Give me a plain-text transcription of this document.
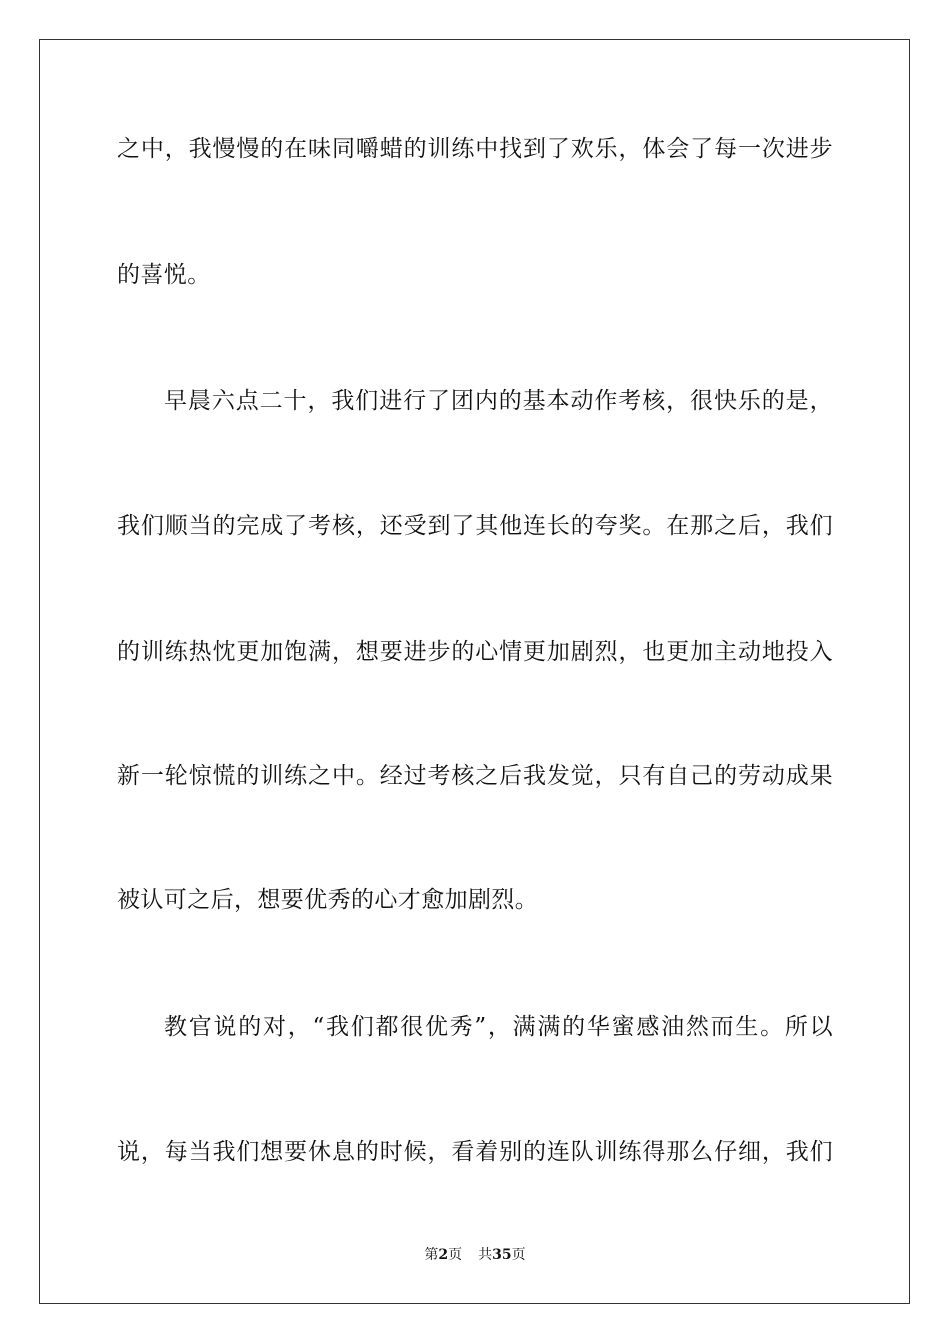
之中，我慢慢的在味同嚼蜡的训练中找到了欢乐，体会了每一次进步
的喜悦。
早晨六点二十，我们进行了团内的基本动作考核，很快乐的是，
我们顺当的完成了考核，还受到了其他连长的夸奖。在那之后，我们
的训练热忱更加饱满，想要进步的心情更加剧烈，也更加主动地投入
新一轮惊慌的训练之中。经过考核之后我发觉，只有自己的劳动成果
被认可之后，想要优秀的心才愈加剧烈。
教官说的对，“我们都很优秀”，满满的华蜜感油然而生。所以
说，每当我们想要休息的时候，看着别的连队训练得那么仔细，我们
第2页 共35页
